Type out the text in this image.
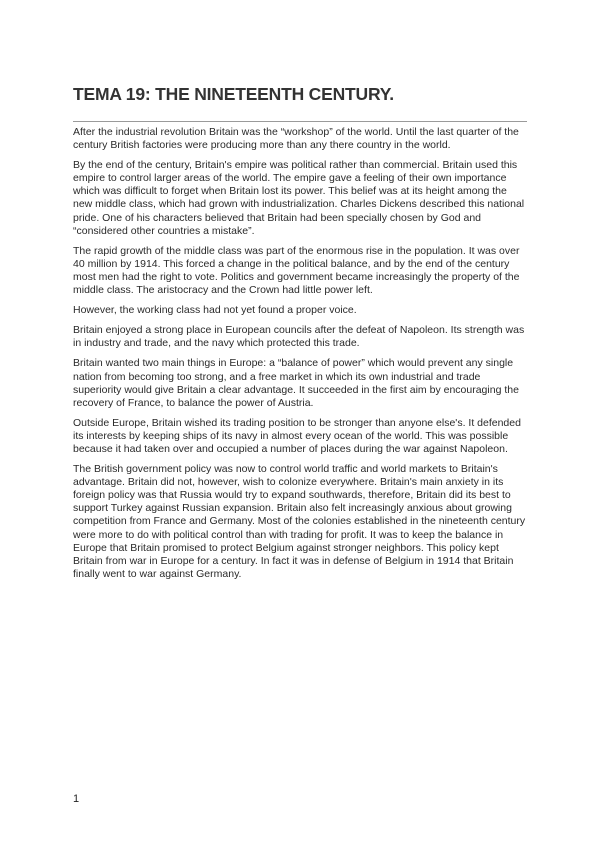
TEMA 19: THE NINETEENTH CENTURY.

After the industrial revolution Britain was the “workshop” of the world. Until the last quarter of the century British factories were producing more than any there country in the world.

By the end of the century, Britain's empire was political rather than commercial. Britain used this empire to control larger areas of the world. The empire gave a feeling of their own importance which was difficult to forget when Britain lost its power. This belief was at its height among the new middle class, which had grown with industrialization. Charles Dickens described this national pride. One of his characters believed that Britain had been specially chosen by God and “considered other countries a mistake”.

The rapid growth of the middle class was part of the enormous rise in the population. It was over 40 million by 1914. This forced a change in the political balance, and by the end of the century most men had the right to vote. Politics and government became increasingly the property of the middle class. The aristocracy and the Crown had little power left.

However, the working class had not yet found a proper voice.

Britain enjoyed a strong place in European councils after the defeat of Napoleon. Its strength was in industry and trade, and the navy which protected this trade.

Britain wanted two main things in Europe: a “balance of power” which would prevent any single nation from becoming too strong, and a free market in which its own industrial and trade superiority would give Britain a clear advantage. It succeeded in the first aim by encouraging the recovery of France, to balance the power of Austria.

Outside Europe, Britain wished its trading position to be stronger than anyone else's. It defended its interests by keeping ships of its navy in almost every ocean of the world. This was possible because it had taken over and occupied a number of places during the war against Napoleon.

The British government policy was now to control world traffic and world markets to Britain's advantage. Britain did not, however, wish to colonize everywhere. Britain's main anxiety in its foreign policy was that Russia would try to expand southwards, therefore, Britain did its best to support Turkey against Russian expansion. Britain also felt increasingly anxious about growing competition from France and Germany. Most of the colonies established in the nineteenth century were more to do with political control than with trading for profit. It was to keep the balance in Europe that Britain promised to protect Belgium against stronger neighbors. This policy kept Britain from war in Europe for a century. In fact it was in defense of Belgium in 1914 that Britain finally went to war against Germany.

1
